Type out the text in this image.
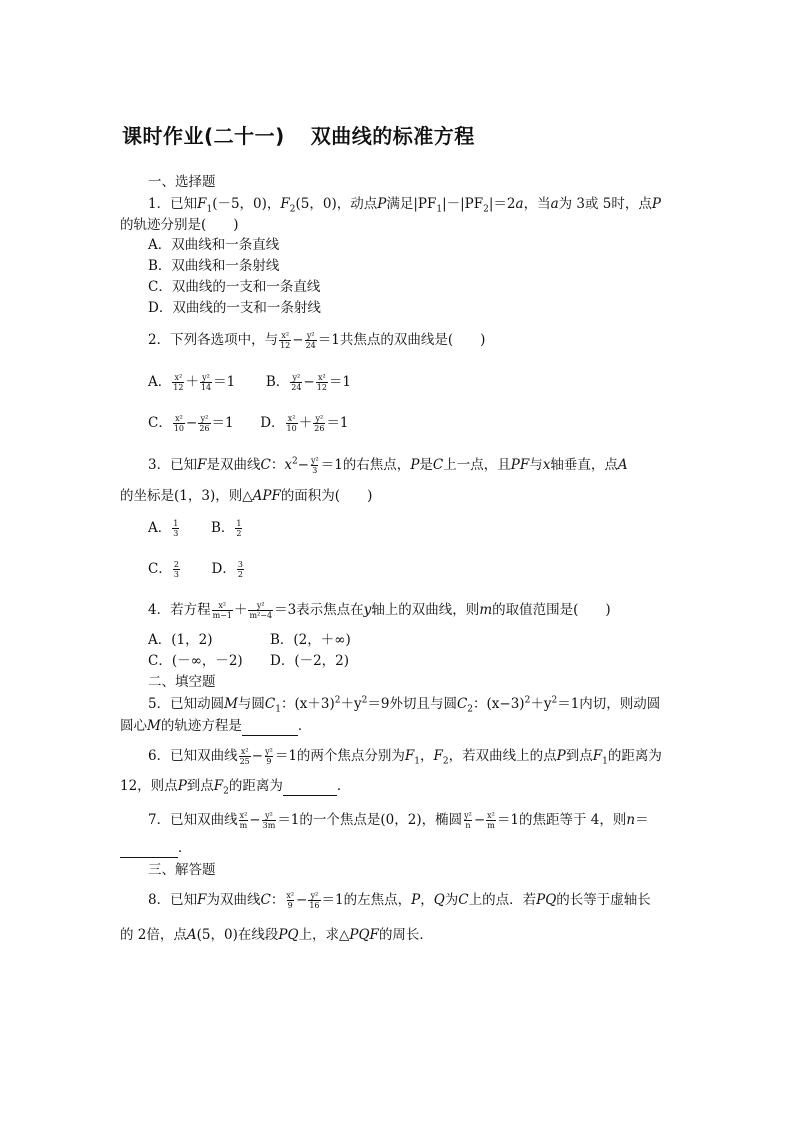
课时作业(二十一) 双曲线的标准方程
一、选择题
1．已知$F_1(-5$，0)，$F_2(5$，0)，动点P满足$|PF_1|-|PF_2|=2a$，当a为 3或 5时，点P
的轨迹分别是(　　)
A．双曲线和一条直线
B．双曲线和一条射线
C．双曲线的一支和一条直线
D．双曲线的一支和一条射线
2．下列各选项中，与 $\frac{\text{x²}}{12} - \frac{\text{y²}}{24} =1$共焦点的双曲线是(　　)
A． $\frac{\text{x²}}{12} + \frac{\text{y²}}{14} =1$ B． $\frac{\text{y²}}{24} - \frac{\text{x²}}{12} =1$
C． $\frac{\text{x²}}{10} - \frac{\text{y²}}{26} =1$ D． $\frac{\text{x²}}{10} + \frac{\text{y²}}{26} =1$
3．已知F是双曲线C：$x^2- \frac{\text{y²}}{3} =1$的右焦点，P是C上一点，且PF与x轴垂直，点A
的坐标是(1，3)，则△APF的面积为(　　)
A． $\frac{1}{3}$ B． $\frac{1}{2}$
C． $\frac{2}{3}$ D． $\frac{3}{2}$
4．若方程 $\frac{\text{x²}}{m-1} + \frac{\text{y²}}{\text{m²−4}} =3$表示焦点在y轴上的双曲线，则m的取值范围是(　　)
A．(1，2)	B．(2，＋∞)
C．(－∞，－2) D．(－2，2)
二、填空题
5．已知动圆M与圆$C_1$：$(x+3)^2+y^2=9$外切且与圆$C_2$：$(x-3)^2+y^2=1$内切，则动圆
圆心M的轨迹方程是	．
6．已知双曲线 $\frac{\text{x²}}{25} - \frac{\text{y²}}{9} =1$的两个焦点分别为$F_1$，$F_2$，若双曲线上的点P到点$F_1$的距离为
12，则点P到点$F_2$的距离为	．
7．已知双曲线 $\frac{\text{x²}}{m} - \frac{\text{y²}}{3m} =1$的一个焦点是(0，2)，椭圆 $\frac{\text{y²}}{n} - \frac{\text{x²}}{m} =1$的焦距等于 4，则n＝
．
三、解答题
8．已知F为双曲线C： $\frac{\text{x²}}{9} - \frac{\text{y²}}{16} =1$的左焦点，P，Q为C上的点．若PQ的长等于虚轴长
的 2倍，点A(5，0)在线段PQ上，求△PQF的周长．
